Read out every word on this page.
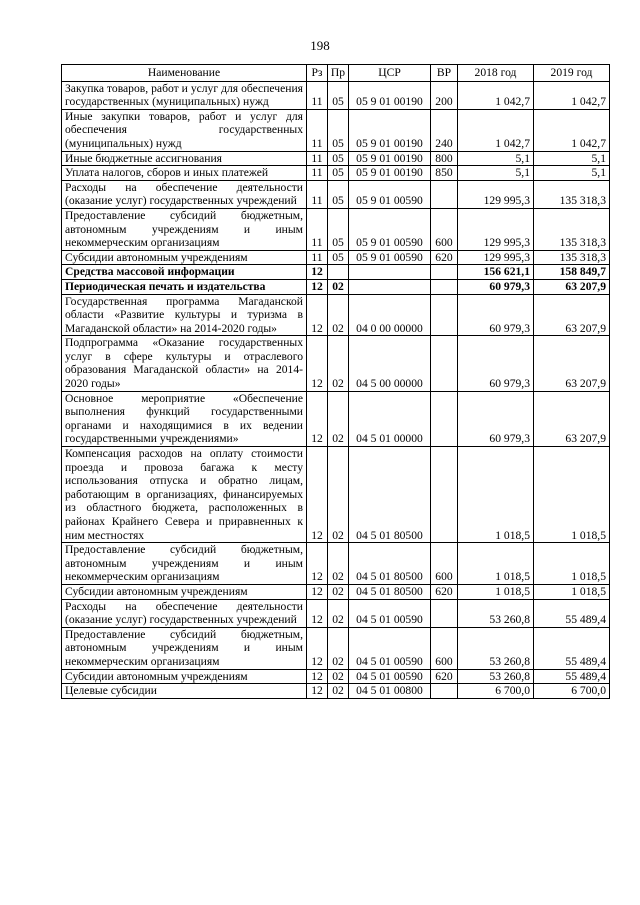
198
Наименование	Рз	Пр	ЦСР	ВР	2018 год	2019 год
Закупка товаров, работ и услуг для обеспечения государственных (муниципальных) нужд	11	05	05 9 01 00190	200	1 042,7	1 042,7
Иные закупки товаров, работ и услуг для обеспечения государственных (муниципальных) нужд	11	05	05 9 01 00190	240	1 042,7	1 042,7
Иные бюджетные ассигнования	11	05	05 9 01 00190	800	5,1	5,1
Уплата налогов, сборов и иных платежей	11	05	05 9 01 00190	850	5,1	5,1
Расходы на обеспечение деятельности (оказание услуг) государственных учреждений	11	05	05 9 01 00590		129 995,3	135 318,3
Предоставление субсидий бюджетным, автономным учреждениям и иным некоммерческим организациям	11	05	05 9 01 00590	600	129 995,3	135 318,3
Субсидии автономным учреждениям	11	05	05 9 01 00590	620	129 995,3	135 318,3
Средства массовой информации	12				156 621,1	158 849,7
Периодическая печать и издательства	12	02			60 979,3	63 207,9
Государственная программа Магаданской области «Развитие культуры и туризма в Магаданской области» на 2014-2020 годы»	12	02	04 0 00 00000		60 979,3	63 207,9
Подпрограмма «Оказание государственных услуг в сфере культуры и отраслевого образования Магаданской области» на 2014-2020 годы»	12	02	04 5 00 00000		60 979,3	63 207,9
Основное мероприятие «Обеспечение выполнения функций государственными органами и находящимися в их ведении государственными учреждениями»	12	02	04 5 01 00000		60 979,3	63 207,9
Компенсация расходов на оплату стоимости проезда и провоза багажа к месту использования отпуска и обратно лицам, работающим в организациях, финансируемых из областного бюджета, расположенных в районах Крайнего Севера и приравненных к ним местностях	12	02	04 5 01 80500		1 018,5	1 018,5
Предоставление субсидий бюджетным, автономным учреждениям и иным некоммерческим организациям	12	02	04 5 01 80500	600	1 018,5	1 018,5
Субсидии автономным учреждениям	12	02	04 5 01 80500	620	1 018,5	1 018,5
Расходы на обеспечение деятельности (оказание услуг) государственных учреждений	12	02	04 5 01 00590		53 260,8	55 489,4
Предоставление субсидий бюджетным, автономным учреждениям и иным некоммерческим организациям	12	02	04 5 01 00590	600	53 260,8	55 489,4
Субсидии автономным учреждениям	12	02	04 5 01 00590	620	53 260,8	55 489,4
Целевые субсидии	12	02	04 5 01 00800		6 700,0	6 700,0
